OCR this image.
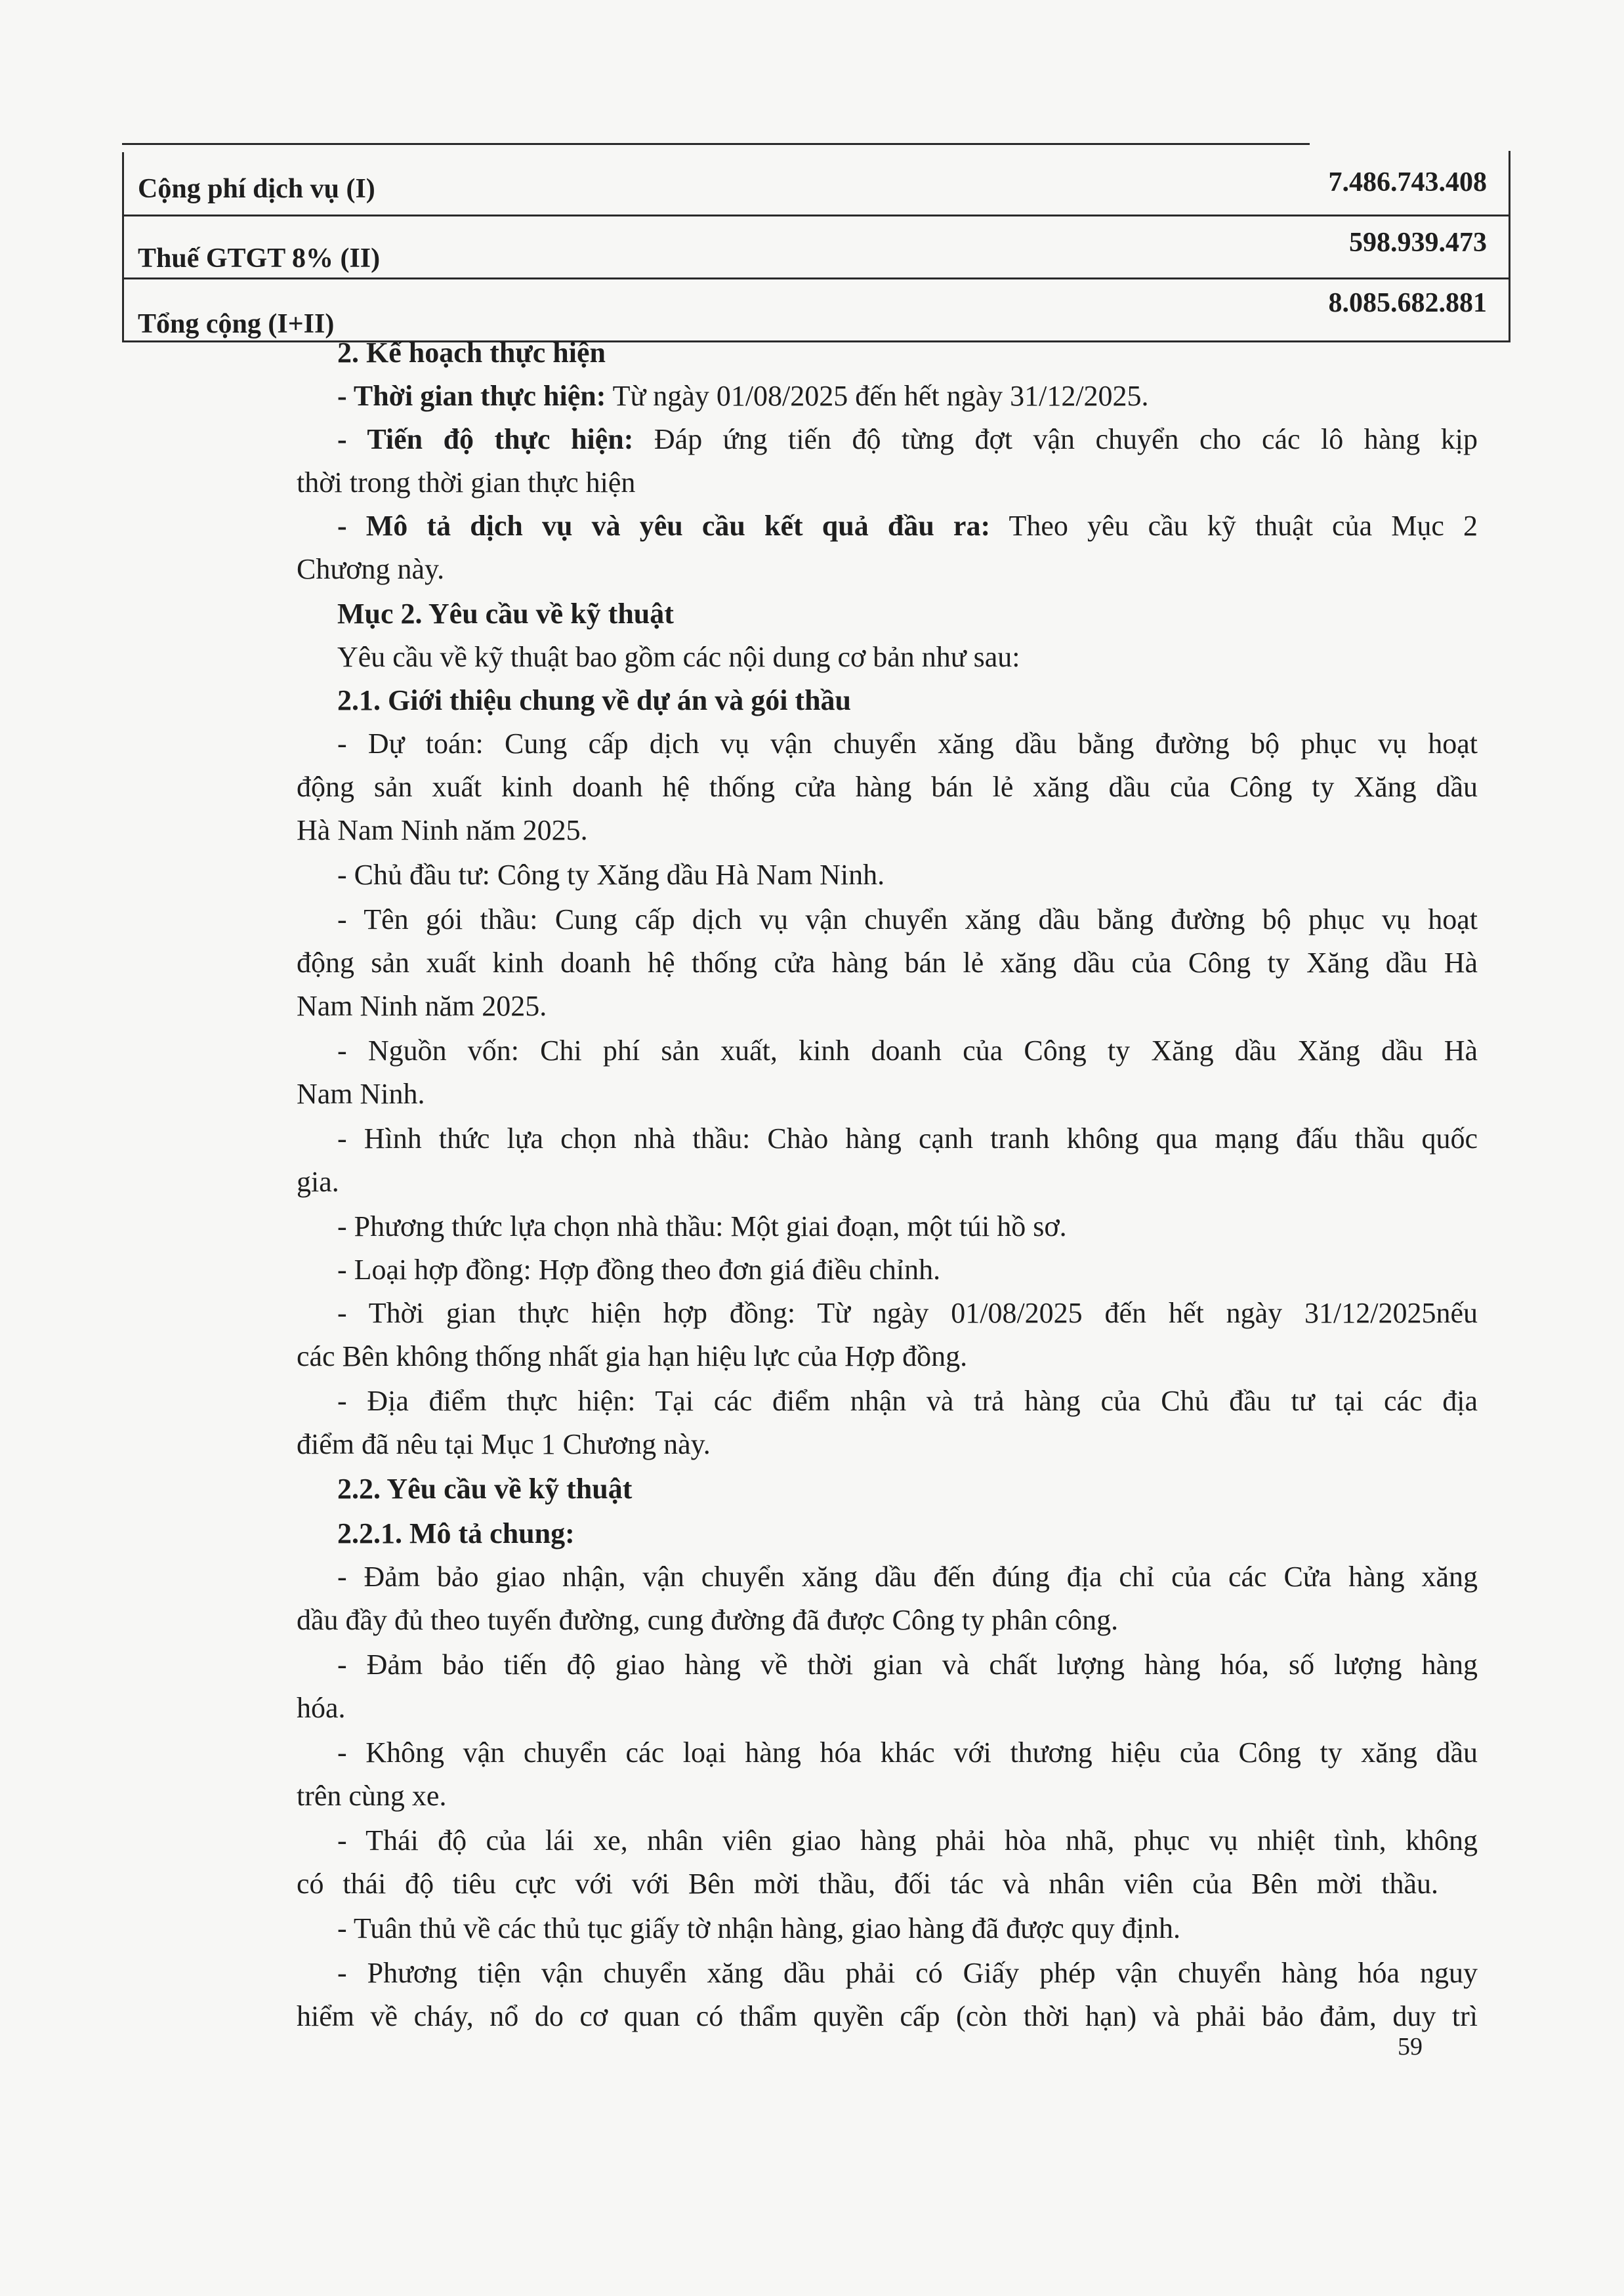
Cộng phí dịch vụ (I)	7.486.743.408
Thuế GTGT 8% (II)
598.939.473
Tổng cộng (I+II)
8.085.682.881
2. Kế hoạch thực hiện
- Thời gian thực hiện: Từ ngày 01/08/2025 đến hết ngày 31/12/2025.
- Tiến độ thực hiện: Đáp ứng tiến độ từng đợt vận chuyển cho các lô hàng kịp
thời trong thời gian thực hiện
- Mô tả dịch vụ và yêu cầu kết quả đầu ra: Theo yêu cầu kỹ thuật của Mục 2
Chương này.
Mục 2. Yêu cầu về kỹ thuật
Yêu cầu về kỹ thuật bao gồm các nội dung cơ bản như sau:
2.1. Giới thiệu chung về dự án và gói thầu
- Dự toán: Cung cấp dịch vụ vận chuyển xăng dầu bằng đường bộ phục vụ hoạt
động sản xuất kinh doanh hệ thống cửa hàng bán lẻ xăng dầu của Công ty Xăng dầu
Hà Nam Ninh năm 2025.
- Chủ đầu tư: Công ty Xăng dầu Hà Nam Ninh.
- Tên gói thầu: Cung cấp dịch vụ vận chuyển xăng dầu bằng đường bộ phục vụ hoạt
động sản xuất kinh doanh hệ thống cửa hàng bán lẻ xăng dầu của Công ty Xăng dầu Hà
Nam Ninh năm 2025.
- Nguồn vốn: Chi phí sản xuất, kinh doanh của Công ty Xăng dầu Xăng dầu Hà
Nam Ninh.
- Hình thức lựa chọn nhà thầu: Chào hàng cạnh tranh không qua mạng đấu thầu quốc
gia.
- Phương thức lựa chọn nhà thầu: Một giai đoạn, một túi hồ sơ.
- Loại hợp đồng: Hợp đồng theo đơn giá điều chỉnh.
- Thời gian thực hiện hợp đồng: Từ ngày 01/08/2025 đến hết ngày 31/12/2025nếu
các Bên không thống nhất gia hạn hiệu lực của Hợp đồng.
- Địa điểm thực hiện: Tại các điểm nhận và trả hàng của Chủ đầu tư tại các địa
điểm đã nêu tại Mục 1 Chương này.
2.2. Yêu cầu về kỹ thuật
2.2.1. Mô tả chung:
- Đảm bảo giao nhận, vận chuyển xăng dầu đến đúng địa chỉ của các Cửa hàng xăng
dầu đầy đủ theo tuyến đường, cung đường đã được Công ty phân công.
- Đảm bảo tiến độ giao hàng về thời gian và chất lượng hàng hóa, số lượng hàng
hóa.
- Không vận chuyển các loại hàng hóa khác với thương hiệu của Công ty xăng dầu
trên cùng xe.
- Thái độ của lái xe, nhân viên giao hàng phải hòa nhã, phục vụ nhiệt tình, không
có thái độ tiêu cực với với Bên mời thầu, đối tác và nhân viên của Bên mời thầu.
- Tuân thủ về các thủ tục giấy tờ nhận hàng, giao hàng đã được quy định.
- Phương tiện vận chuyển xăng dầu phải có Giấy phép vận chuyển hàng hóa nguy
hiểm về cháy, nổ do cơ quan có thẩm quyền cấp (còn thời hạn) và phải bảo đảm, duy trì
59
